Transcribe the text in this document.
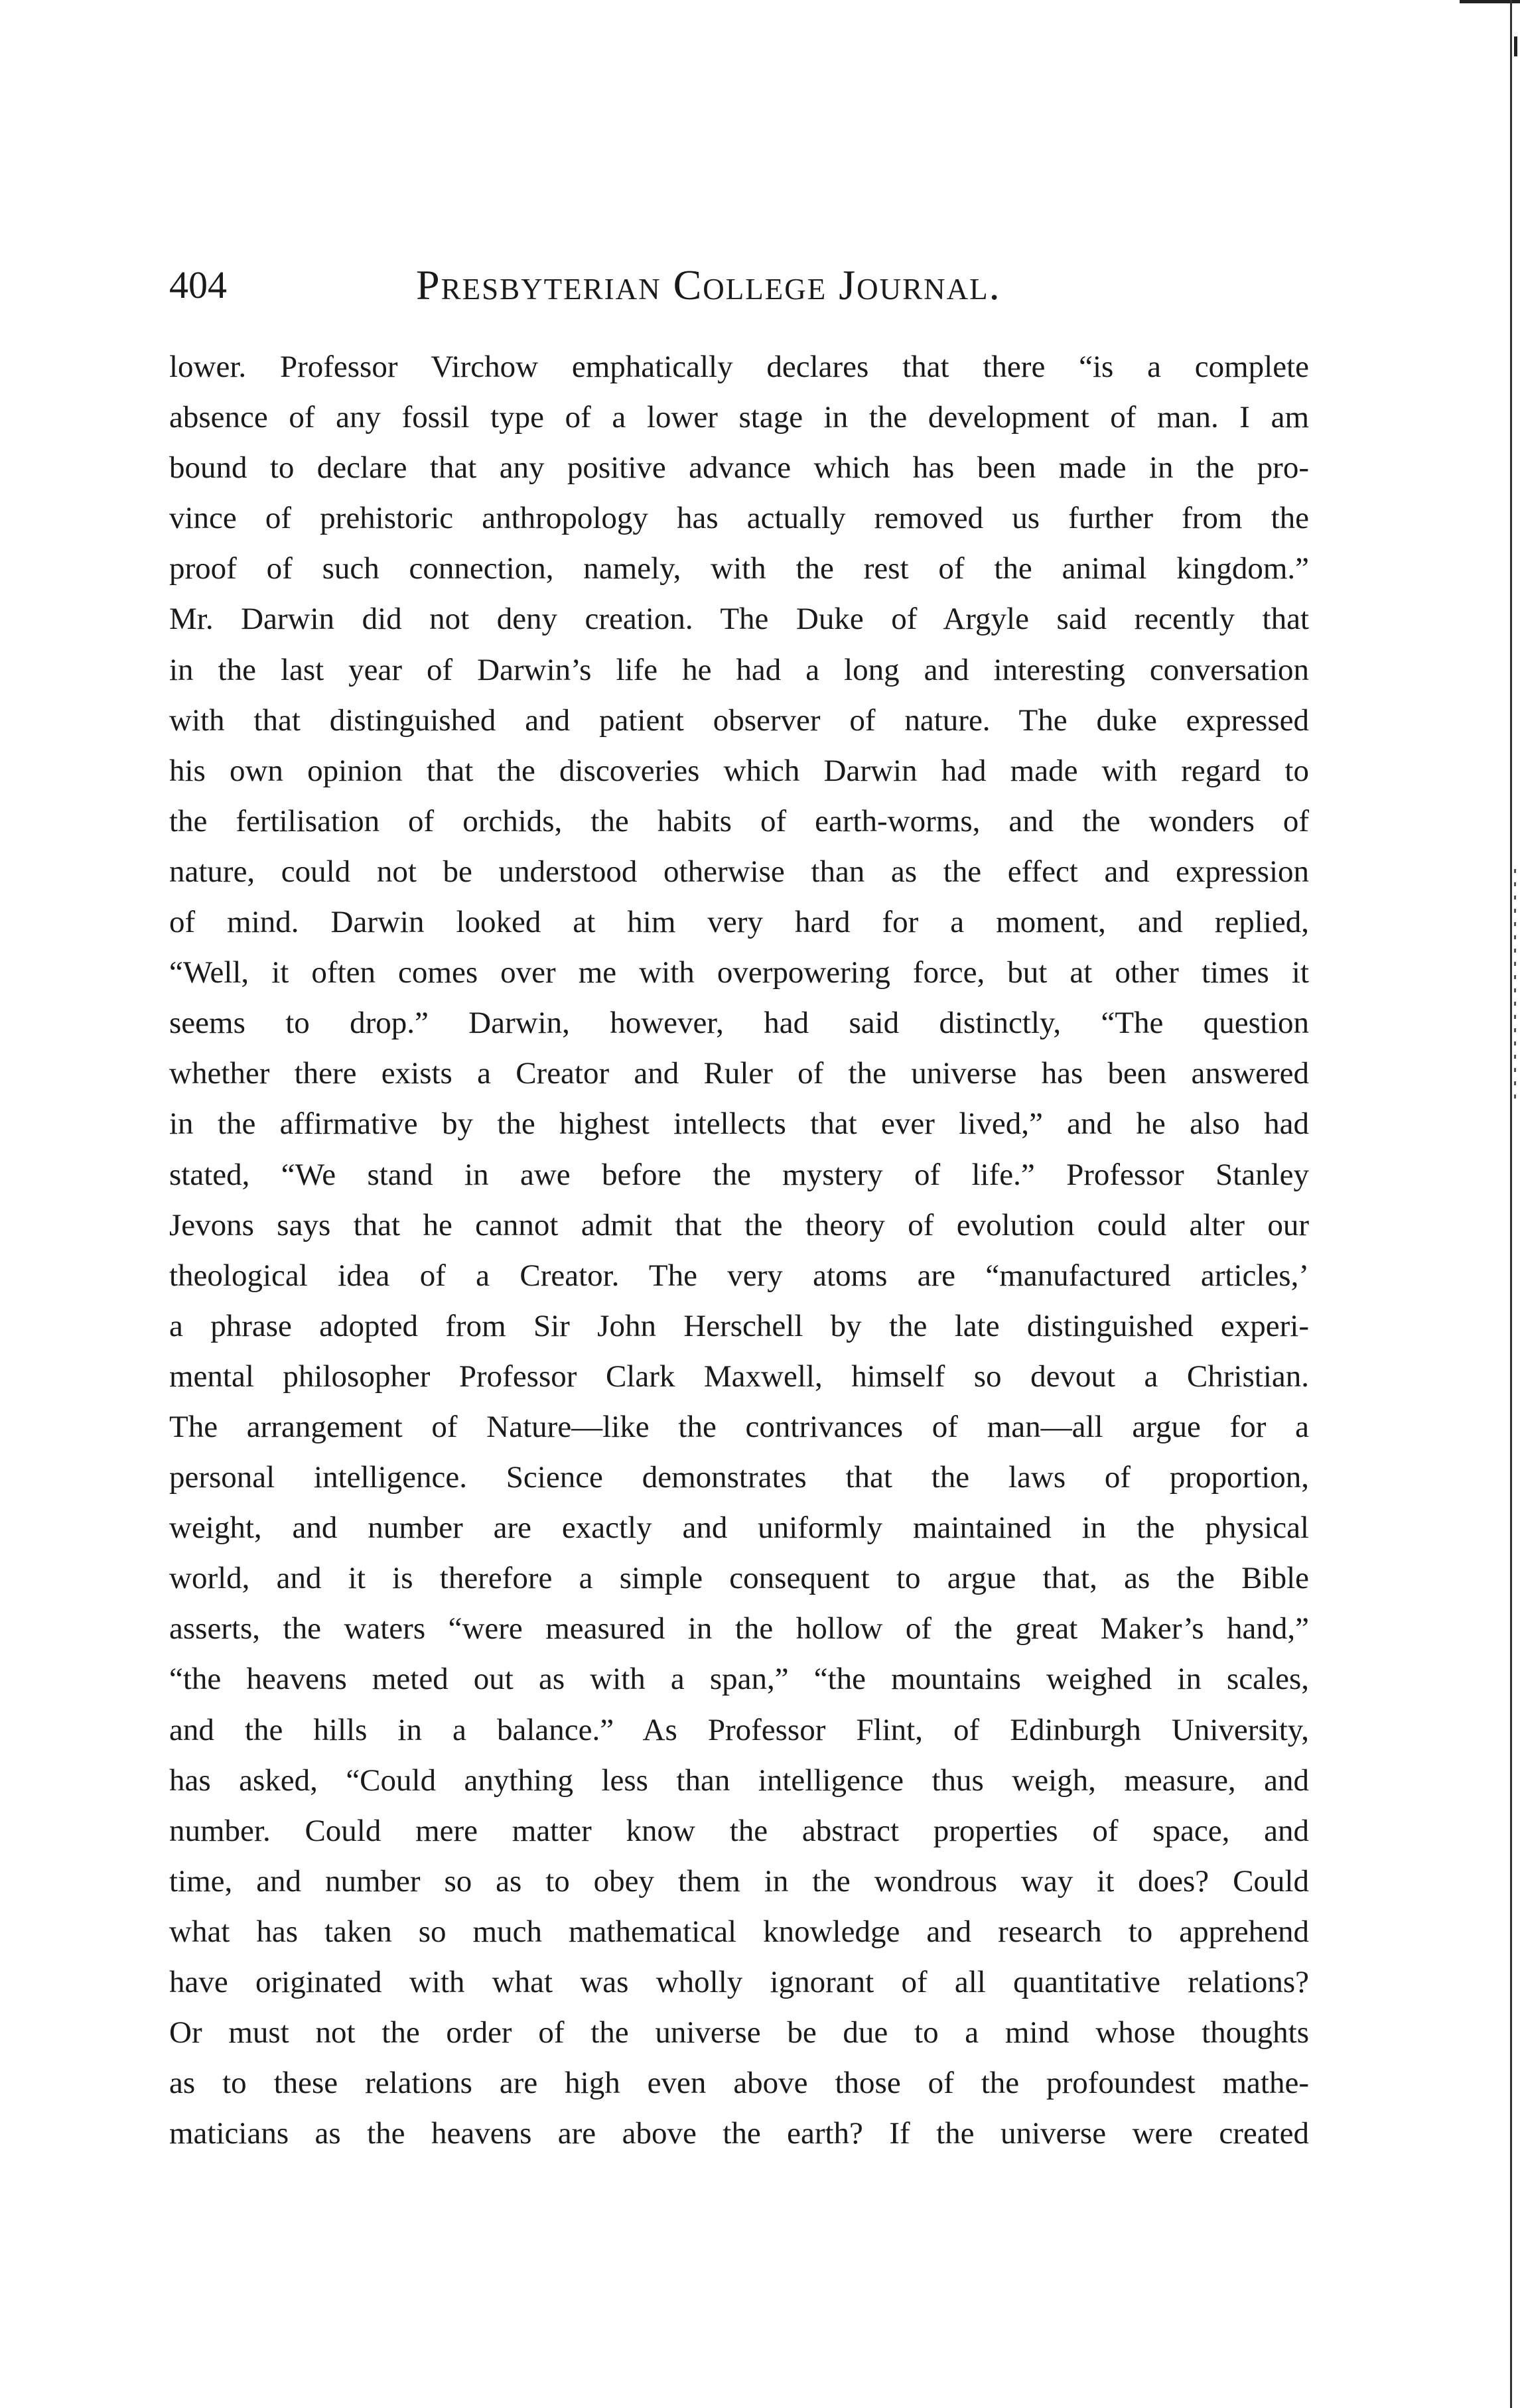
404	Presbyterian College Journal.
lower. Professor Virchow emphatically declares that there “is a complete
absence of any fossil type of a lower stage in the development of man. I am
bound to declare that any positive advance which has been made in the pro-
vince of prehistoric anthropology has actually removed us further from the
proof of such connection, namely, with the rest of the animal kingdom.”
Mr. Darwin did not deny creation. The Duke of Argyle said recently that
in the last year of Darwin’s life he had a long and interesting conversation
with that distinguished and patient observer of nature. The duke expressed
his own opinion that the discoveries which Darwin had made with regard to
the fertilisation of orchids, the habits of earth-worms, and the wonders of
nature, could not be understood otherwise than as the effect and expression
of mind. Darwin looked at him very hard for a moment, and replied,
“Well, it often comes over me with overpowering force, but at other times it
seems to drop.” Darwin, however, had said distinctly, “The question
whether there exists a Creator and Ruler of the universe has been answered
in the affirmative by the highest intellects that ever lived,” and he also had
stated, “We stand in awe before the mystery of life.” Professor Stanley
Jevons says that he cannot admit that the theory of evolution could alter our
theological idea of a Creator. The very atoms are “manufactured articles,’
a phrase adopted from Sir John Herschell by the late distinguished experi-
mental philosopher Professor Clark Maxwell, himself so devout a Christian.
The arrangement of Nature—like the contrivances of man—all argue for a
personal intelligence. Science demonstrates that the laws of proportion,
weight, and number are exactly and uniformly maintained in the physical
world, and it is therefore a simple consequent to argue that, as the Bible
asserts, the waters “were measured in the hollow of the great Maker’s hand,”
“the heavens meted out as with a span,” “the mountains weighed in scales,
and the hills in a balance.” As Professor Flint, of Edinburgh University,
has asked, “Could anything less than intelligence thus weigh, measure, and
number. Could mere matter know the abstract properties of space, and
time, and number so as to obey them in the wondrous way it does? Could
what has taken so much mathematical knowledge and research to apprehend
have originated with what was wholly ignorant of all quantitative relations?
Or must not the order of the universe be due to a mind whose thoughts
as to these relations are high even above those of the profoundest mathe-
maticians as the heavens are above the earth? If the universe were created
